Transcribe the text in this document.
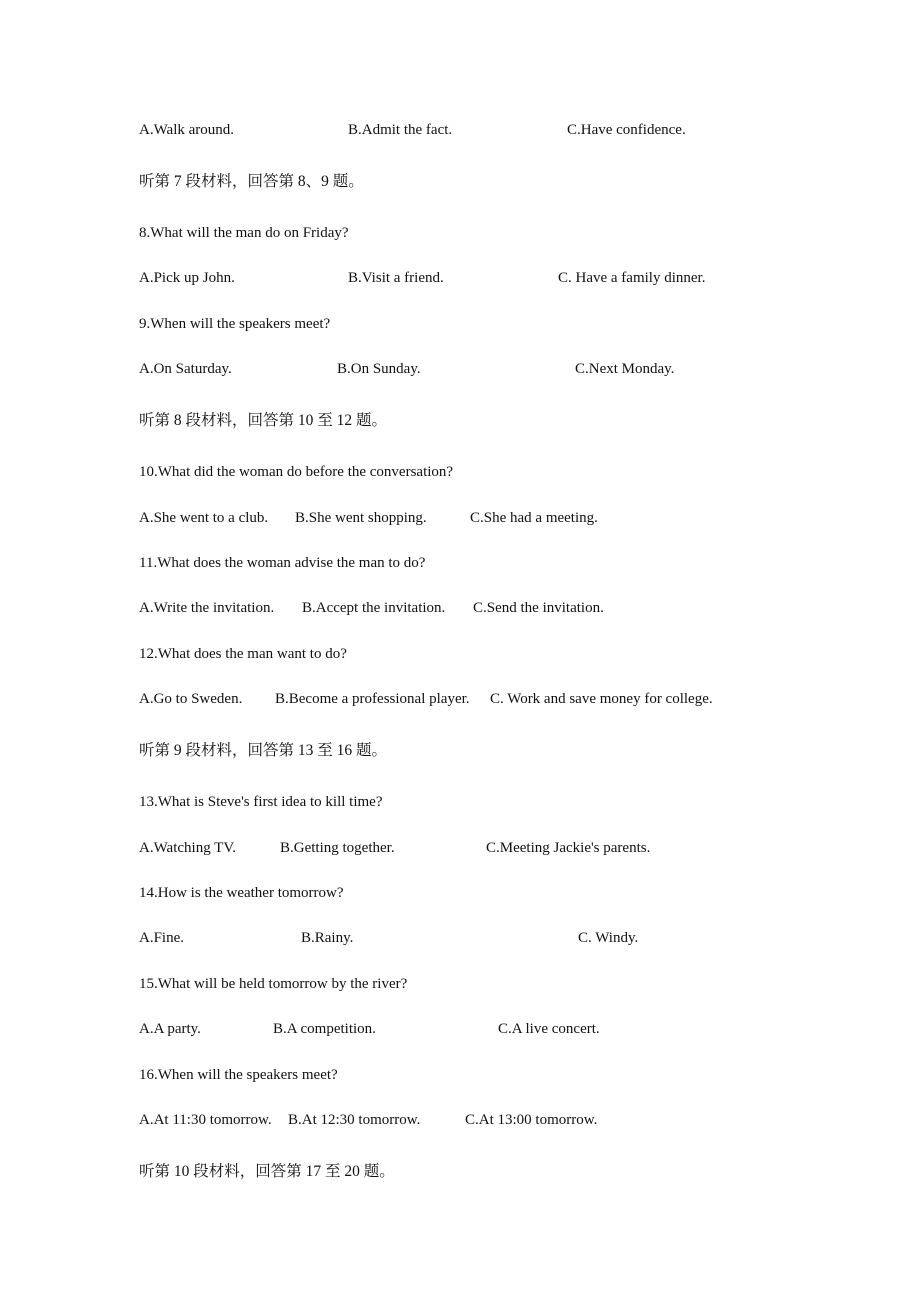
A.Walk around.	B.Admit the fact.	C.Have confidence.
听第 7 段材料，回答第 8、9 题。
8.What will the man do on Friday?
A.Pick up John.	B.Visit a friend.	C. Have a family dinner.
9.When will the speakers meet?
A.On Saturday.	B.On Sunday.	C.Next Monday.
听第 8 段材料，回答第 10 至 12 题。
10.What did the woman do before the conversation?
A.She went to a club. B.She went shopping.	C.She had a meeting.
11.What does the woman advise the man to do?
A.Write the invitation. B.Accept the invitation. C.Send the invitation.
12.What does the man want to do?
A.Go to Sweden. B.Become a professional player. C. Work and save money for college.
听第 9 段材料，回答第 13 至 16 题。
13.What is Steve's first idea to kill time?
A.Watching TV.	B.Getting together.	C.Meeting Jackie's parents.
14.How is the weather tomorrow?
A.Fine.	B.Rainy.	C. Windy.
15.What will be held tomorrow by the river?
A.A party.	B.A competition.	C.A live concert.
16.When will the speakers meet?
A.At 11:30 tomorrow. B.At 12:30 tomorrow.	C.At 13:00 tomorrow.
听第 10 段材料，回答第 17 至 20 题。
